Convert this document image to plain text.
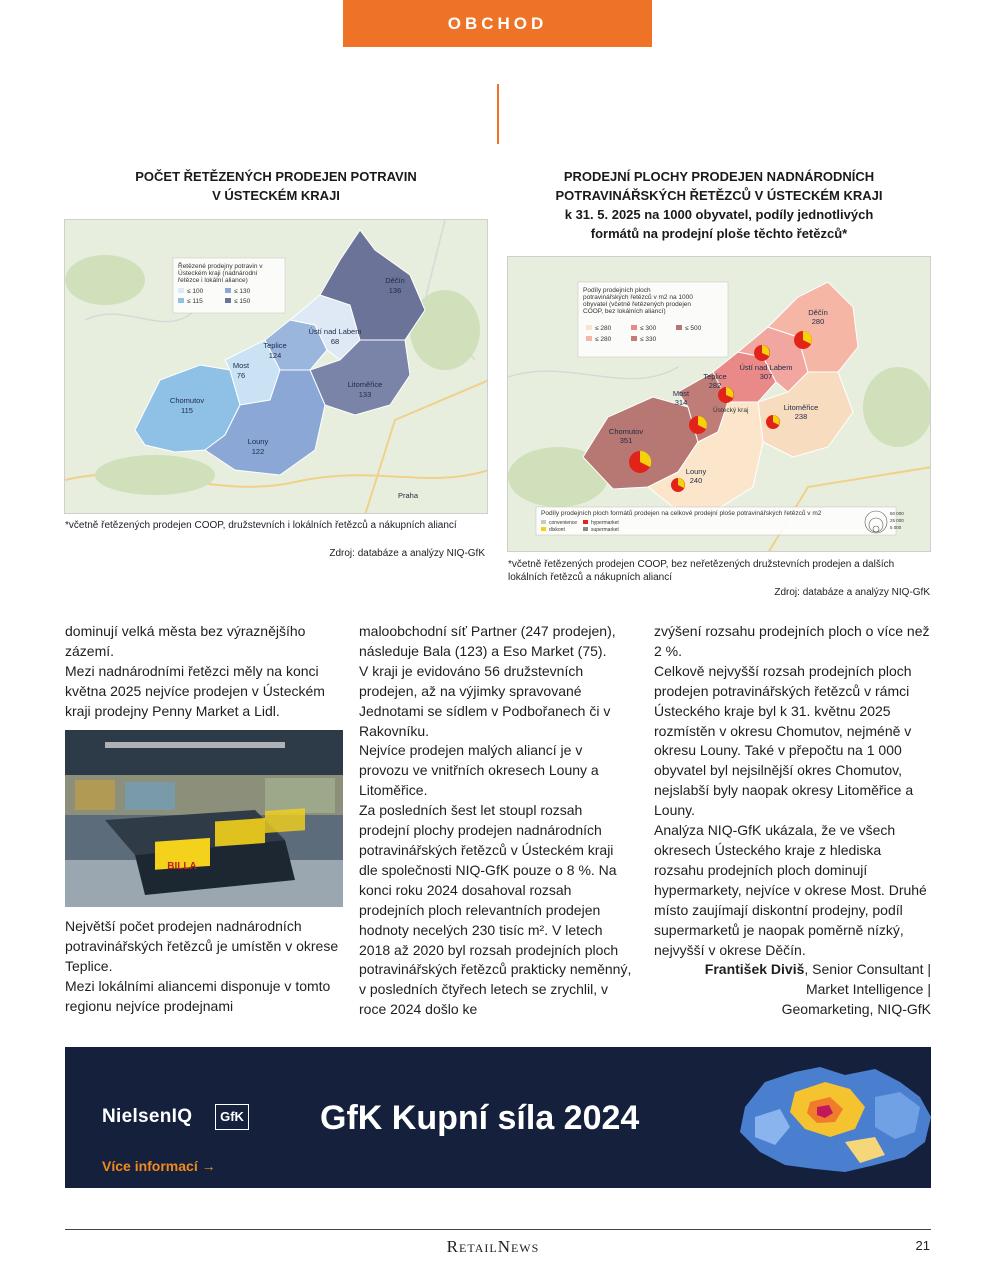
OBCHOD
POČET ŘETĚZENÝCH PRODEJEN POTRAVIN
V ÚSTECKÉM KRAJI
Děčín
136
Ústí nad Labem
68
Teplice
124
Most
76
Litoměřice
133
Chomutov
115
Louny
122
Praha
Řetězené prodejny potravin v
Ústeckém kraji (nadnárodní
řetězce i lokální aliance)
≤ 100	≤ 130
≤ 115	≤ 150
*včetně řetězených prodejen COOP, družstevních i lokálních řetězců a nákupních aliancí
Zdroj: databáze a analýzy NIQ-GfK
PRODEJNÍ PLOCHY PRODEJEN NADNÁRODNÍCH
POTRAVINÁŘSKÝCH ŘETĚZCŮ V ÚSTECKÉM KRAJI
k 31. 5. 2025 na 1000 obyvatel, podíly jednotlivých
formátů na prodejní ploše těchto řetězců*
Děčín
280
Ústí nad Labem
307
Teplice
282
Most
314
Litoměřice
238
Chomutov
351
Louny
240
Ústecký kraj
Podíly prodejních ploch
potravinářských řetězců v m2 na 1000
obyvatel (včetně řetězených prodejen
COOP, bez lokálních aliancí)
≤ 280	≤ 300	≤ 500
≤ 280	≤ 330
Podíly prodejních ploch formátů prodejen na celkové prodejní ploše potravinářských řetězců v m2
convenience	hypermarket
diskont	supermarket
50 000
25 000
5 000
*včetně řetězených prodejen COOP, bez neřetězených družstevních prodejen a dalších lokálních řetězců a nákupních aliancí
Zdroj: databáze a analýzy NIQ-GfK
dominují velká města bez výraznějšího zázemí.
Mezi nadnárodními řetězci měly na konci května 2025 nejvíce prodejen v Ústeckém kraji prodejny Penny Market a Lidl.
BILLA
Největší počet prodejen nadnárodních potravinářských řetězců je umístěn v okrese Teplice.
Mezi lokálními aliancemi disponuje v tomto regionu nejvíce prodejnami
maloobchodní síť Partner (247 prodejen), následuje Bala (123) a Eso Market (75).
V kraji je evidováno 56 družstevních prodejen, až na výjimky spravované Jednotami se sídlem v Podbořanech či v Rakovníku.
Nejvíce prodejen malých aliancí je v provozu ve vnitřních okresech Louny a Litoměřice.
Za posledních šest let stoupl rozsah prodejní plochy prodejen nadnárodních potravinářských řetězců v Ústeckém kraji dle společnosti NIQ-GfK pouze o 8 %. Na konci roku 2024 dosahoval rozsah prodejních ploch relevantních prodejen hodnoty necelých 230 tisíc m². V letech 2018 až 2020 byl rozsah prodejních ploch potravinářských řetězců prakticky neměnný, v posledních čtyřech letech se zrychlil, v roce 2024 došlo ke
zvýšení rozsahu prodejních ploch o více než 2 %.
Celkově nejvyšší rozsah prodejních ploch prodejen potravinářských řetězců v rámci Ústeckého kraje byl k 31. květnu 2025 rozmístěn v okresu Chomutov, nejméně v okresu Louny. Také v přepočtu na 1 000 obyvatel byl nejsilnější okres Chomutov, nejslabší byly naopak okresy Litoměřice a Louny.
Analýza NIQ-GfK ukázala, že ve všech okresech Ústeckého kraje z hlediska rozsahu prodejních ploch dominují hypermarkety, nejvíce v okrese Most. Druhé místo zaujímají diskontní prodejny, podíl supermarketů je naopak poměrně nízký, nejvyšší v okrese Děčín.
František Diviš, Senior Consultant |
Market Intelligence |
Geomarketing, NIQ-GfK
NielsenIQ	GfK GfK Kupní síla 2024
Více informací →
RetailNews	21
